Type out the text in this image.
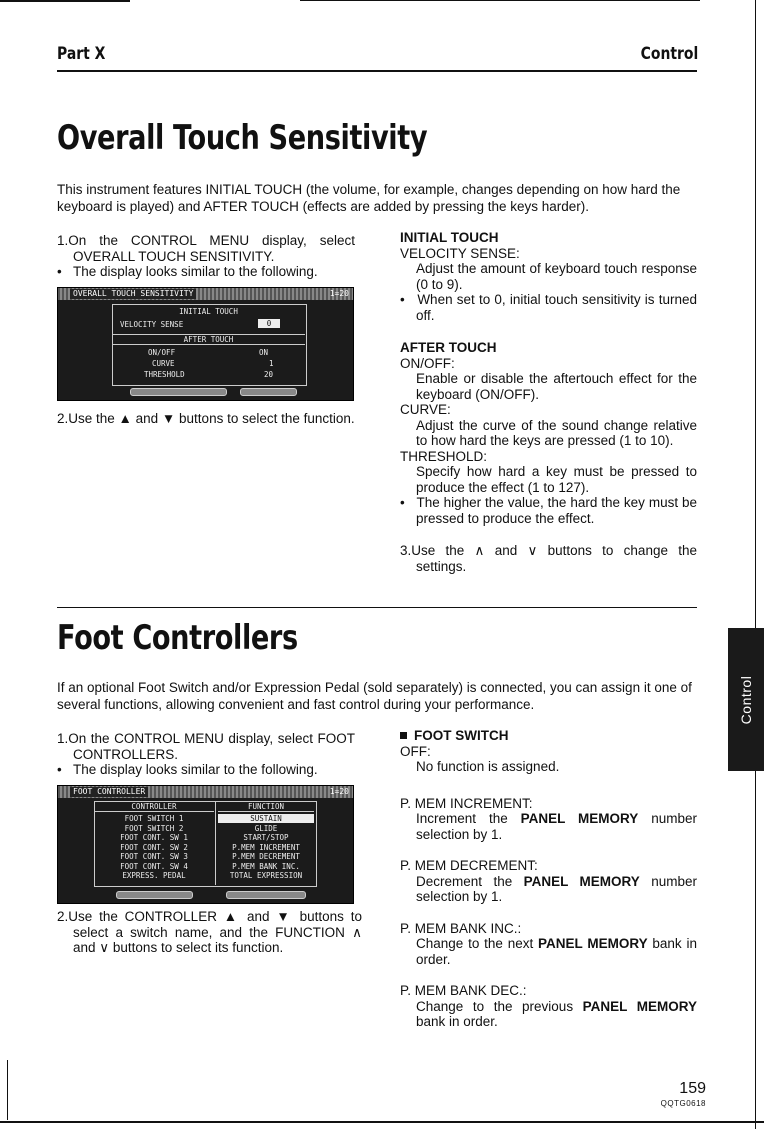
Part X	Control
Overall Touch Sensitivity
This instrument features INITIAL TOUCH (the volume, for example, changes depending on how hard the keyboard is played) and AFTER TOUCH (effects are added by pressing the keys harder).

1.On the CONTROL MENU display, select OVERALL TOUCH SENSITIVITY.

•   The display looks similar to the following.

OVERALL TOUCH SENSITIVITY	1=20
INITIAL TOUCH
VELOCITY SENSE	0
AFTER TOUCH
ON/OFF	ON
CURVE	1
THRESHOLD	20

2.Use the ▲ and ▼ buttons to select the function.

INITIAL TOUCH

VELOCITY SENSE:

Adjust the amount of keyboard touch response (0 to 9).

•   When set to 0, initial touch sensitivity is turned off.

AFTER TOUCH

ON/OFF:

Enable or disable the aftertouch effect for the keyboard (ON/OFF).

CURVE:

Adjust the curve of the sound change relative to how hard the keys are pressed (1 to 10).

THRESHOLD:

Specify how hard a key must be pressed to produce the effect (1 to 127).

•   The higher the value, the hard the key must be pressed to produce the effect.

3.Use the ∧ and ∨ buttons to change the settings.

Foot Controllers
If an optional Foot Switch and/or Expression Pedal (sold separately) is connected, you can assign it one of several functions, allowing convenient and fast control during your performance.

1.On the CONTROL MENU display, select FOOT CONTROLLERS.

•   The display looks similar to the following.

FOOT CONTROLLER	1=20
CONTROLLER	FUNCTION
FOOT SWITCH 1	SUSTAIN
FOOT SWITCH 2	GLIDE
FOOT CONT. SW 1	START/STOP
FOOT CONT. SW 2	P.MEM INCREMENT
FOOT CONT. SW 3	P.MEM DECREMENT
FOOT CONT. SW 4	P.MEM BANK INC.
EXPRESS. PEDAL	TOTAL EXPRESSION

2.Use the CONTROLLER ▲ and ▼ buttons to select a switch name, and the FUNCTION ∧ and ∨ buttons to select its function.

FOOT SWITCH

OFF:

No function is assigned.

P. MEM INCREMENT:

Increment the PANEL MEMORY number selection by 1.

P. MEM DECREMENT:

Decrement the PANEL MEMORY number selection by 1.

P. MEM BANK INC.:

Change to the next PANEL MEMORY bank in order.

P. MEM BANK DEC.:

Change to the previous PANEL MEMORY bank in order.

Control
159
QQTG0618
